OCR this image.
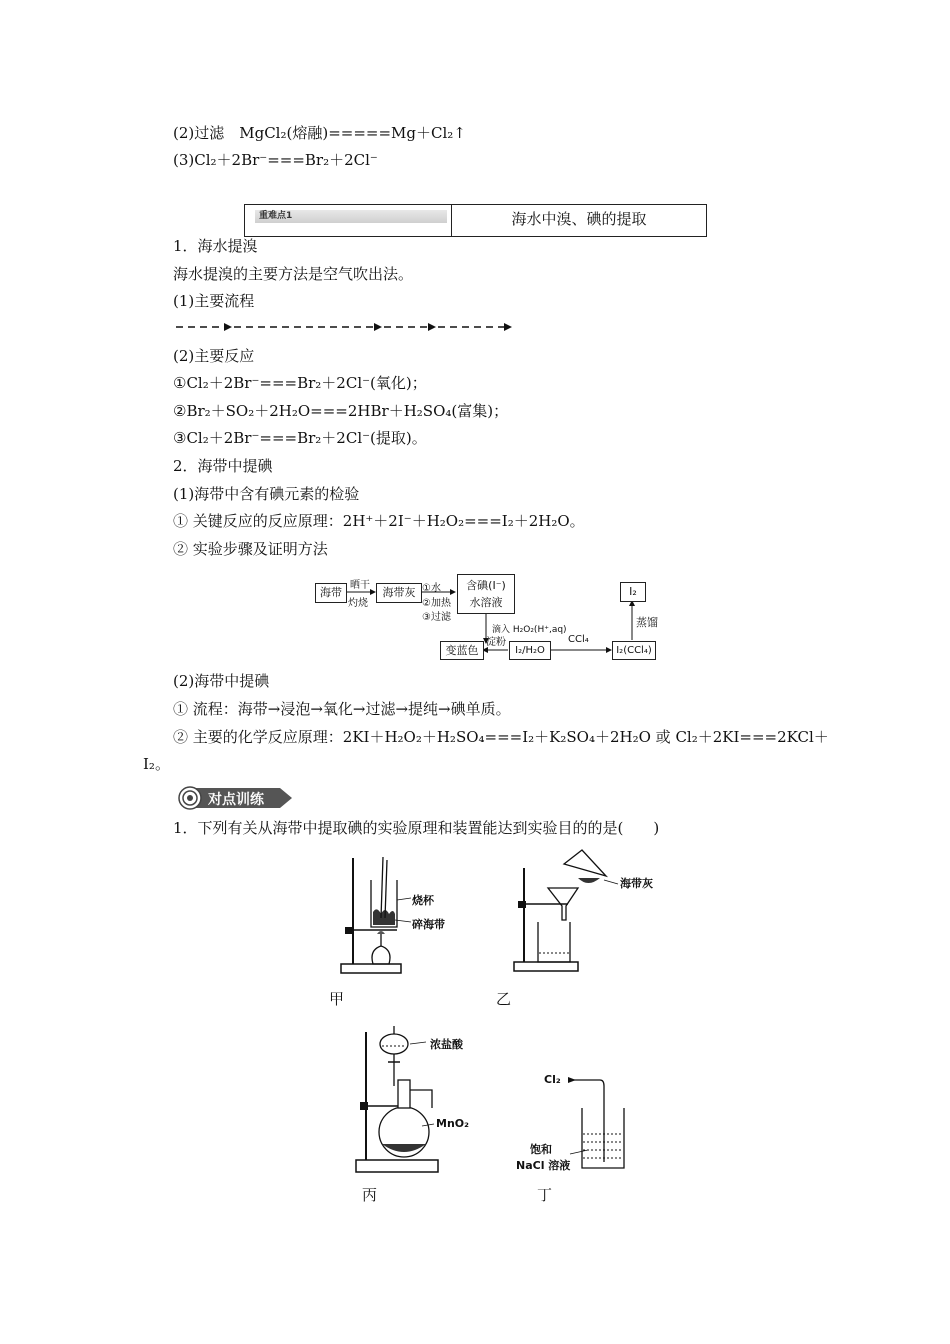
(2)过滤　MgCl₂(熔融)=====Mg＋Cl₂↑
(3)Cl₂＋2Br⁻===Br₂＋2Cl⁻
重难点1	海水中溴、碘的提取
1．海水提溴
海水提溴的主要方法是空气吹出法。
(1)主要流程
(2)主要反应
①Cl₂＋2Br⁻===Br₂＋2Cl⁻(氧化)；
②Br₂＋SO₂＋2H₂O===2HBr＋H₂SO₄(富集)；
③Cl₂＋2Br⁻===Br₂＋2Cl⁻(提取)。
2．海带中提碘
(1)海带中含有碘元素的检验
① 关键反应的反应原理：2H⁺＋2I⁻＋H₂O₂===I₂＋2H₂O。
② 实验步骤及证明方法
海带
晒干
灼烧
海带灰 ①水
②加热
③过滤
含碘(I⁻)
水溶液
滴入 H₂O₂(H⁺,aq)
I₂/H₂O
淀粉
变蓝色
CCl₄
I₂(CCl₄)
蒸馏
I₂
(2)海带中提碘
① 流程：海带→浸泡→氧化→过滤→提纯→碘单质。
② 主要的化学反应原理：2KI＋H₂O₂＋H₂SO₄===I₂＋K₂SO₄＋2H₂O 或 Cl₂＋2KI===2KCl＋
I₂。
对点训练
1．下列有关从海带中提取碘的实验原理和装置能达到实验目的的是(　　)
烧杯
碎海带
甲
海带灰
乙
浓盐酸
MnO₂
丙
Cl₂
饱和
NaCl 溶液
丁
